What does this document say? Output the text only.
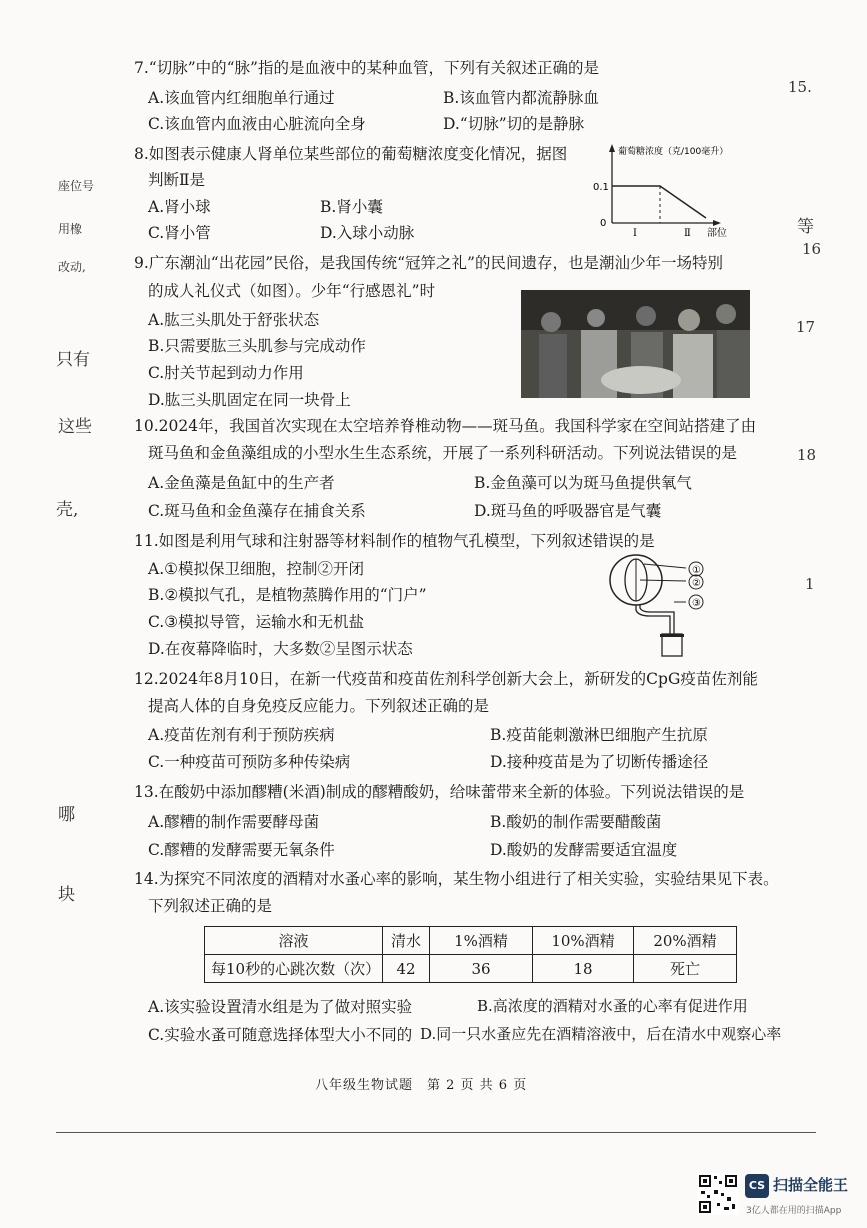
座位号
用橡
改动,
只有
这些
壳,
哪
块
15.
等
16
17
18
1
7.“切脉”中的“脉”指的是血液中的某种血管，下列有关叙述正确的是
A.该血管内红细胞单行通过	B.该血管内都流静脉血
C.该血管内血液由心脏流向全身	D.“切脉”切的是静脉
8.如图表示健康人肾单位某些部位的葡萄糖浓度变化情况，据图
判断Ⅱ是
A.肾小球	B.肾小囊
C.肾小管	D.入球小动脉
葡萄糖浓度（克/100毫升）
0.1
0
Ⅰ	Ⅱ 部位
9.广东潮汕“出花园”民俗，是我国传统“冠笄之礼”的民间遗存，也是潮汕少年一场特别
的成人礼仪式（如图）。少年“行感恩礼”时
A.肱三头肌处于舒张状态
B.只需要肱三头肌参与完成动作
C.肘关节起到动力作用
D.肱三头肌固定在同一块骨上
10.2024年，我国首次实现在太空培养脊椎动物——斑马鱼。我国科学家在空间站搭建了由
斑马鱼和金鱼藻组成的小型水生生态系统，开展了一系列科研活动。下列说法错误的是
A.金鱼藻是鱼缸中的生产者	B.金鱼藻可以为斑马鱼提供氧气
C.斑马鱼和金鱼藻存在捕食关系	D.斑马鱼的呼吸器官是气囊
11.如图是利用气球和注射器等材料制作的植物气孔模型，下列叙述错误的是
A.①模拟保卫细胞，控制②开闭
B.②模拟气孔，是植物蒸腾作用的“门户”
C.③模拟导管，运输水和无机盐
D.在夜幕降临时，大多数②呈图示状态
①
②
③
12.2024年8月10日，在新一代疫苗和疫苗佐剂科学创新大会上，新研发的CpG疫苗佐剂能
提高人体的自身免疫反应能力。下列叙述正确的是
A.疫苗佐剂有利于预防疾病	B.疫苗能刺激淋巴细胞产生抗原
C.一种疫苗可预防多种传染病	D.接种疫苗是为了切断传播途径
13.在酸奶中添加醪糟(米酒)制成的醪糟酸奶，给味蕾带来全新的体验。下列说法错误的是
A.醪糟的制作需要酵母菌	B.酸奶的制作需要醋酸菌
C.醪糟的发酵需要无氧条件	D.酸奶的发酵需要适宜温度
14.为探究不同浓度的酒精对水蚤心率的影响，某生物小组进行了相关实验，实验结果见下表。
下列叙述正确的是
溶液	清水	1%酒精	10%酒精	20%酒精
每10秒的心跳次数（次）	42	36	18	死亡
A.该实验设置清水组是为了做对照实验	B.高浓度的酒精对水蚤的心率有促进作用
C.实验水蚤可随意选择体型大小不同的 D.同一只水蚤应先在酒精溶液中，后在清水中观察心率
八年级生物试题　第 2 页 共 6 页
CS 扫描全能王
3亿人都在用的扫描App
